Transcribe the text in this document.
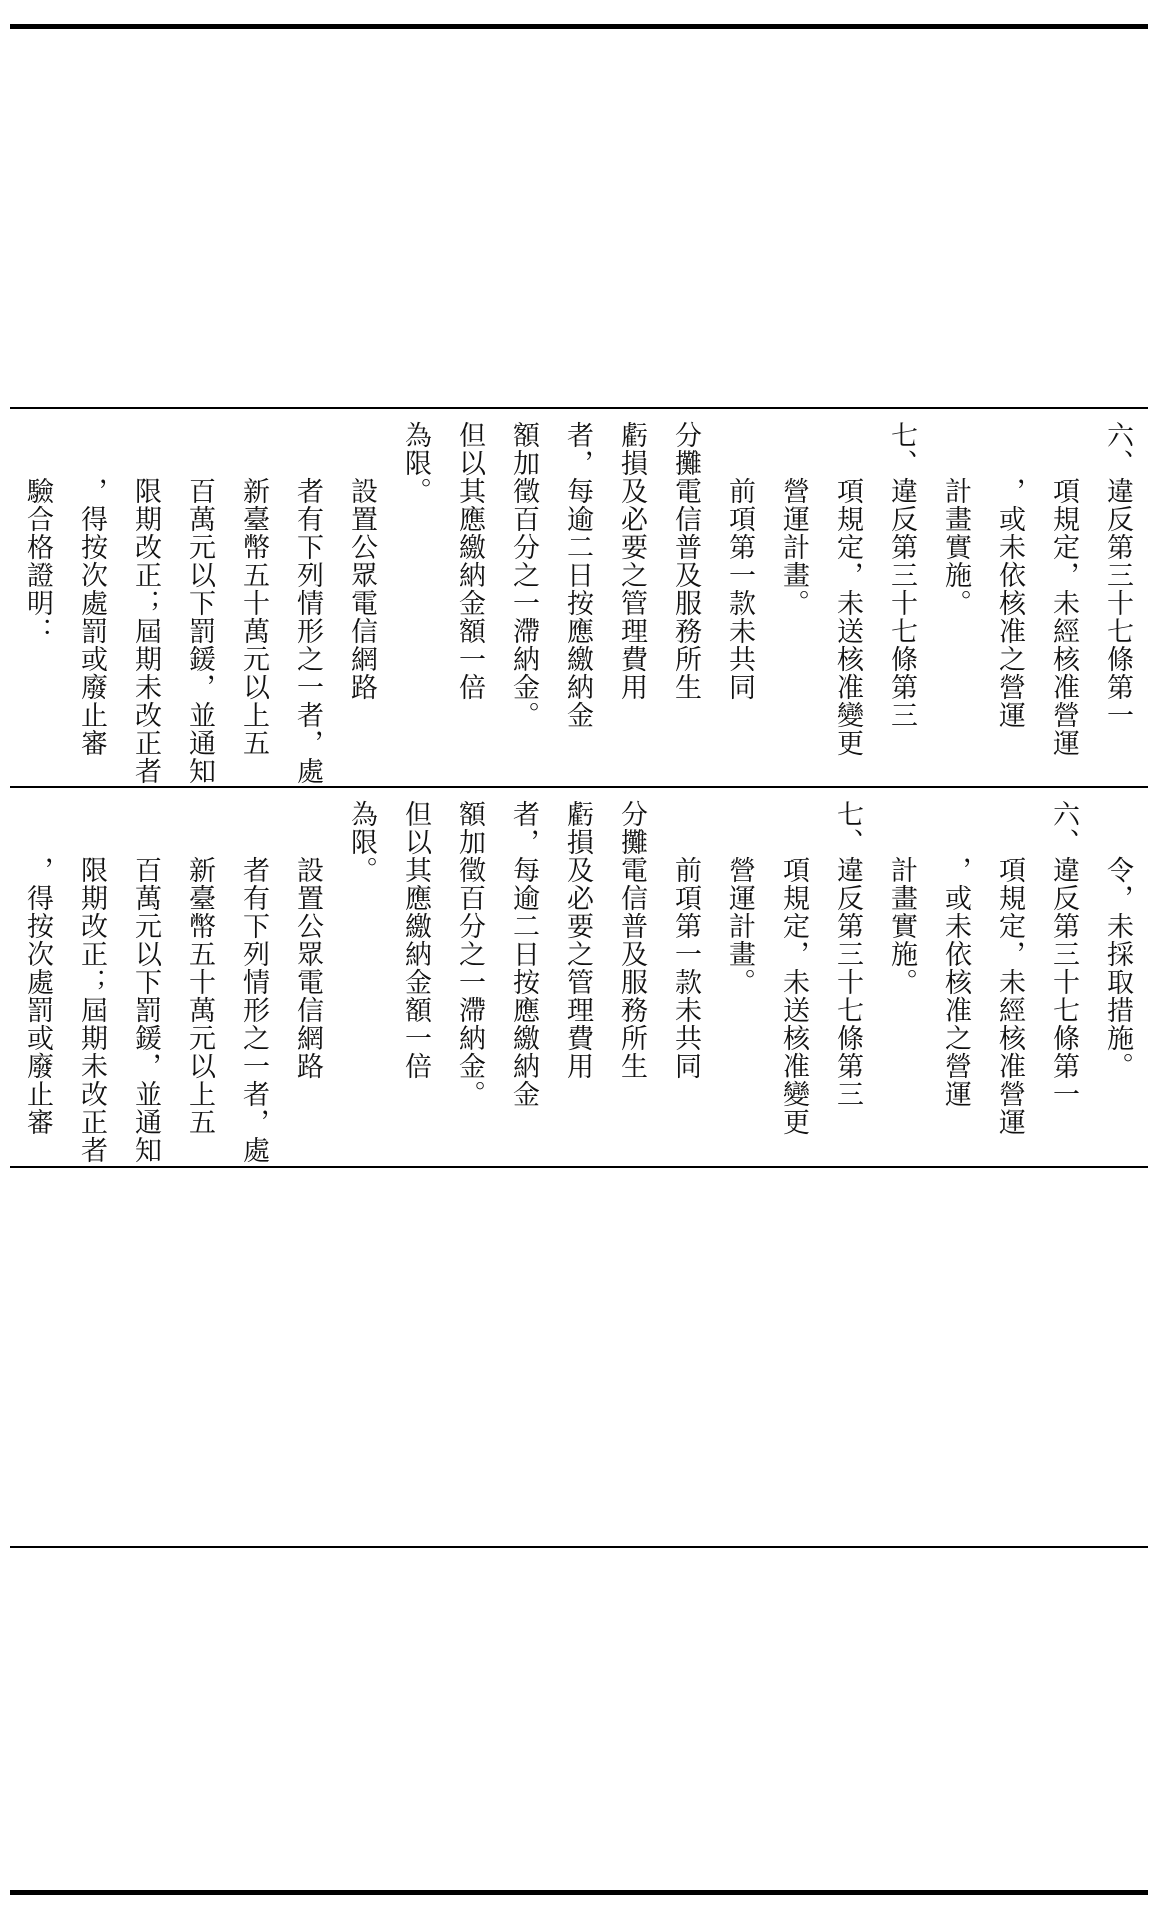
六、違反第三十七條第一
　　項規定，未經核准營運
　　，或未依核准之營運
　　計畫實施。
七、違反第三十七條第三
　　項規定，未送核准變更
　　營運計畫。
　　前項第一款未共同
分攤電信普及服務所生
虧損及必要之管理費用
者，每逾二日按應繳納金
額加徵百分之一滯納金。
但以其應繳納金額一倍
為限。
　　設置公眾電信網路
　　者有下列情形之一者，處
　　新臺幣五十萬元以上五
　　百萬元以下罰鍰，並通知
　　限期改正；屆期未改正者
　　，得按次處罰或廢止審
　　驗合格證明：
　　令，未採取措施。
六、違反第三十七條第一
　　項規定，未經核准營運
　　，或未依核准之營運
　　計畫實施。
七、違反第三十七條第三
　　項規定，未送核准變更
　　營運計畫。
　　前項第一款未共同
分攤電信普及服務所生
虧損及必要之管理費用
者，每逾二日按應繳納金
額加徵百分之一滯納金。
但以其應繳納金額一倍
為限。
　　設置公眾電信網路
　　者有下列情形之一者，處
　　新臺幣五十萬元以上五
　　百萬元以下罰鍰，並通知
　　限期改正；屆期未改正者
　　，得按次處罰或廢止審
